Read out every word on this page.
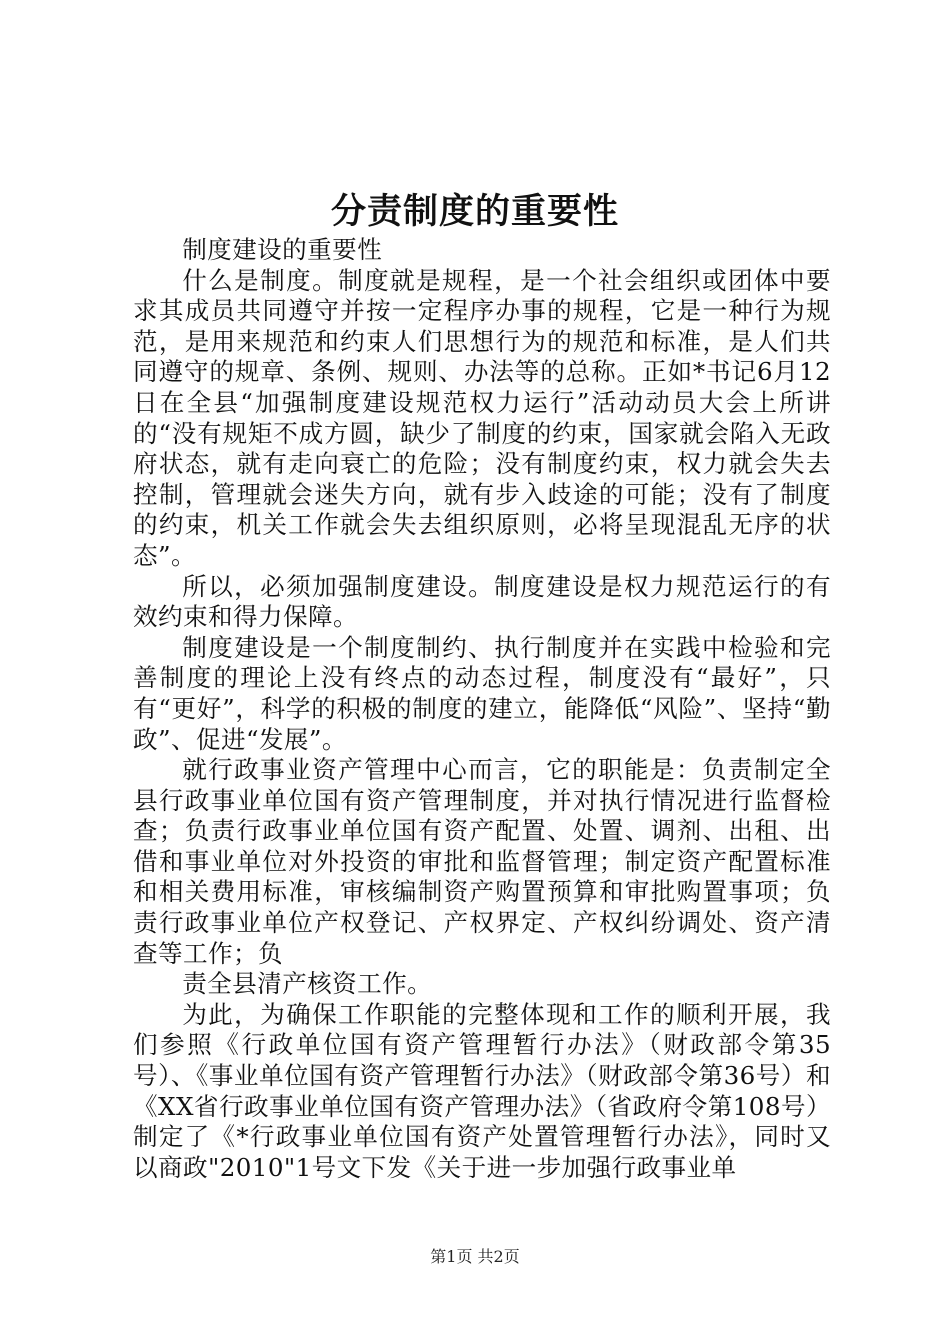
分责制度的重要性

制度建设的重要性

什么是制度。制度就是规程，是一个社会组织或团体中要求其成员共同遵守并按一定程序办事的规程，它是一种行为规范，是用来规范和约束人们思想行为的规范和标准，是人们共同遵守的规章、条例、规则、办法等的总称。正如*书记6月12日在全县“加强制度建设规范权力运行”活动动员大会上所讲的“没有规矩不成方圆，缺少了制度的约束，国家就会陷入无政府状态，就有走向衰亡的危险；没有制度约束，权力就会失去控制，管理就会迷失方向，就有步入歧途的可能；没有了制度的约束，机关工作就会失去组织原则，必将呈现混乱无序的状态”。

所以，必须加强制度建设。制度建设是权力规范运行的有效约束和得力保障。

制度建设是一个制度制约、执行制度并在实践中检验和完善制度的理论上没有终点的动态过程，制度没有“最好”，只有“更好”，科学的积极的制度的建立，能降低“风险”、坚持“勤政”、促进“发展”。

就行政事业资产管理中心而言，它的职能是：负责制定全县行政事业单位国有资产管理制度，并对执行情况进行监督检查；负责行政事业单位国有资产配置、处置、调剂、出租、出借和事业单位对外投资的审批和监督管理；制定资产配置标准和相关费用标准，审核编制资产购置预算和审批购置事项；负责行政事业单位产权登记、产权界定、产权纠纷调处、资产清查等工作；负

责全县清产核资工作。

为此，为确保工作职能的完整体现和工作的顺利开展，我们参照《行政单位国有资产管理暂行办法》（财政部令第35号）、《事业单位国有资产管理暂行办法》（财政部令第36号）和《XX省行政事业单位国有资产管理办法》（省政府令第108号）制定了《*行政事业单位国有资产处置管理暂行办法》，同时又以商政"2010"1号文下发《关于进一步加强行政事业单

第1页 共2页
